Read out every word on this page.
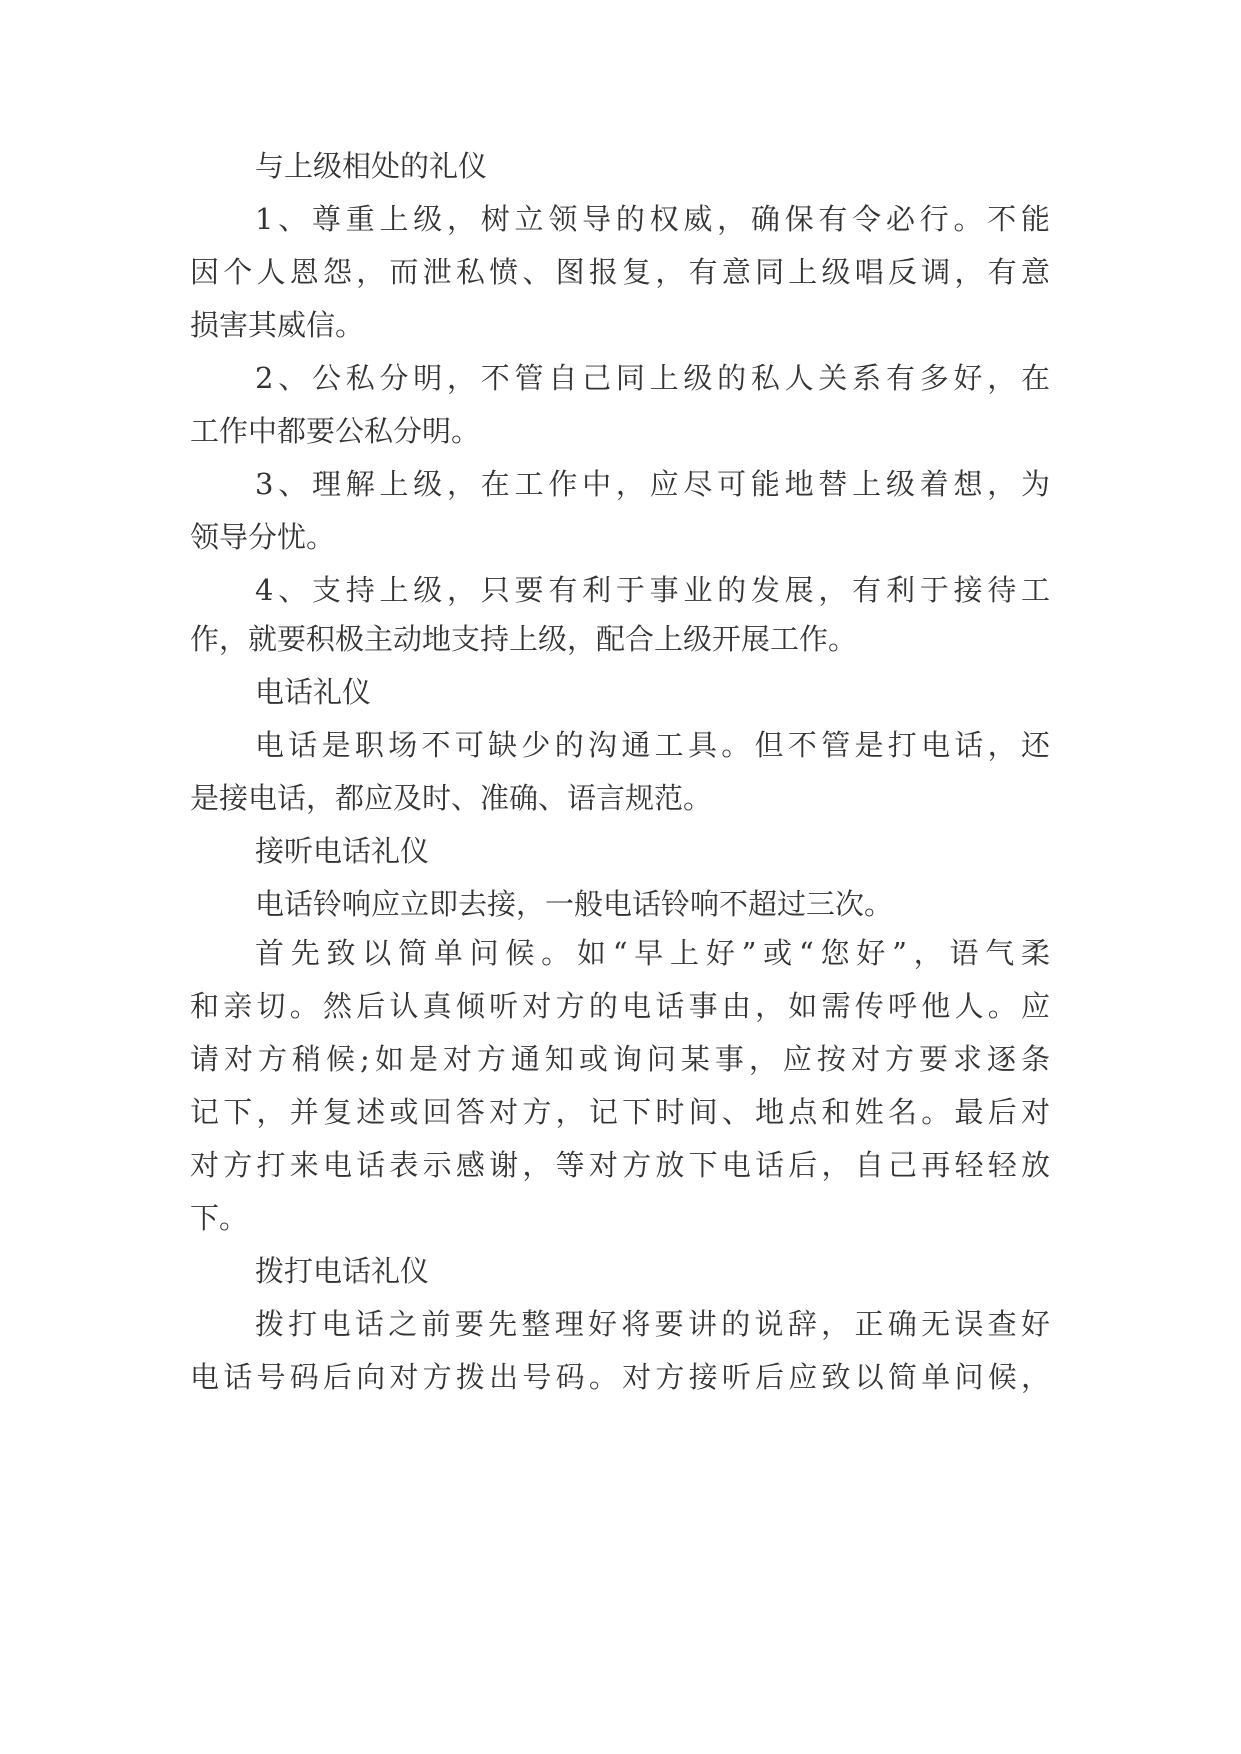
与上级相处的礼仪
1、尊重上级，树立领导的权威，确保有令必行。不能
因个人恩怨，而泄私愤、图报复，有意同上级唱反调，有意
损害其威信。
2、公私分明，不管自己同上级的私人关系有多好，在
工作中都要公私分明。
3、理解上级，在工作中，应尽可能地替上级着想，为
领导分忧。
4、支持上级，只要有利于事业的发展，有利于接待工
作，就要积极主动地支持上级，配合上级开展工作。
电话礼仪
电话是职场不可缺少的沟通工具。但不管是打电话，还
是接电话，都应及时、准确、语言规范。
接听电话礼仪
电话铃响应立即去接，一般电话铃响不超过三次。
首先致以简单问候。如“早上好”或“您好”，语气柔
和亲切。然后认真倾听对方的电话事由，如需传呼他人。应
请对方稍候;如是对方通知或询问某事，应按对方要求逐条
记下，并复述或回答对方，记下时间、地点和姓名。最后对
对方打来电话表示感谢，等对方放下电话后，自己再轻轻放
下。
拨打电话礼仪
拨打电话之前要先整理好将要讲的说辞，正确无误查好
电话号码后向对方拨出号码。对方接听后应致以简单问候，
